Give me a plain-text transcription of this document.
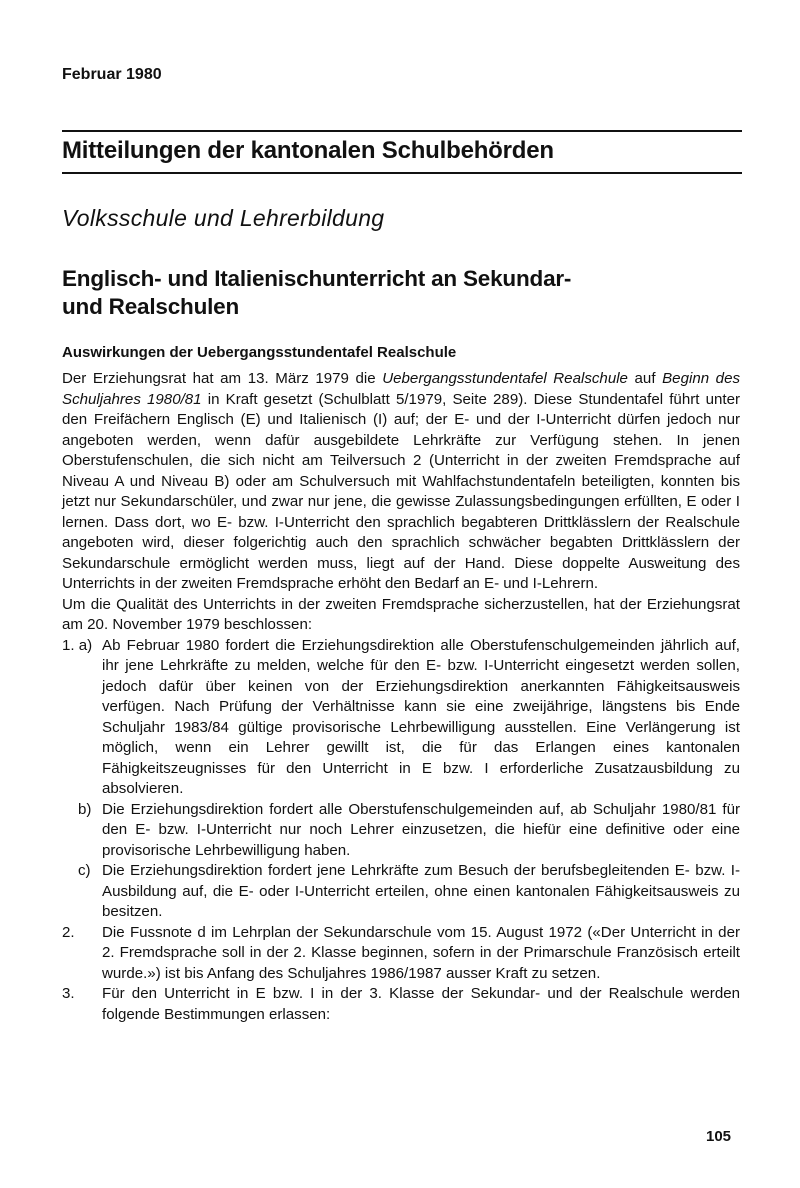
Februar 1980
Mitteilungen der kantonalen Schulbehörden
Volksschule und Lehrerbildung
Englisch- und Italienischunterricht an Sekundar-
und Realschulen
Auswirkungen der Uebergangsstundentafel Realschule

Der Erziehungsrat hat am 13. März 1979 die Uebergangsstundentafel Realschule auf Beginn des Schuljahres 1980/81 in Kraft gesetzt (Schulblatt 5/1979, Seite 289). Diese Stundentafel führt unter den Freifächern Englisch (E) und Italienisch (I) auf; der E- und der I-Unterricht dürfen jedoch nur angeboten werden, wenn dafür ausgebildete Lehrkräfte zur Verfügung stehen. In jenen Oberstufenschulen, die sich nicht am Teilversuch 2 (Unterricht in der zweiten Fremdsprache auf Niveau A und Niveau B) oder am Schulversuch mit Wahlfachstundentafeln beteiligten, konnten bis jetzt nur Sekundarschüler, und zwar nur jene, die gewisse Zulassungsbedingungen erfüllten, E oder I lernen. Dass dort, wo E- bzw. I-Unterricht den sprachlich begabteren Drittklässlern der Realschule angeboten wird, dieser folgerichtig auch den sprachlich schwächer begabten Drittklässlern der Sekundarschule ermöglicht werden muss, liegt auf der Hand. Diese doppelte Ausweitung des Unterrichts in der zweiten Fremdsprache erhöht den Bedarf an E- und I-Lehrern.

Um die Qualität des Unterrichts in der zweiten Fremdsprache sicherzustellen, hat der Erziehungsrat am 20. November 1979 beschlossen:

1. a) Ab Februar 1980 fordert die Erziehungsdirektion alle Oberstufenschulgemeinden jährlich auf, ihr jene Lehrkräfte zu melden, welche für den E- bzw. I-Unterricht eingesetzt werden sollen, jedoch dafür über keinen von der Erziehungsdirektion anerkannten Fähigkeitsausweis verfügen. Nach Prüfung der Verhältnisse kann sie eine zweijährige, längstens bis Ende Schuljahr 1983/84 gültige provisorische Lehrbewilligung ausstellen. Eine Verlängerung ist möglich, wenn ein Lehrer gewillt ist, die für das Erlangen eines kantonalen Fähigkeitszeugnisses für den Unterricht in E bzw. I erforderliche Zusatzausbildung zu absolvieren.
b) Die Erziehungsdirektion fordert alle Oberstufenschulgemeinden auf, ab Schuljahr 1980/81 für den E- bzw. I-Unterricht nur noch Lehrer einzusetzen, die hiefür eine definitive oder eine provisorische Lehrbewilligung haben.
c) Die Erziehungsdirektion fordert jene Lehrkräfte zum Besuch der berufsbegleitenden E- bzw. I-Ausbildung auf, die E- oder I-Unterricht erteilen, ohne einen kantonalen Fähigkeitsausweis zu besitzen.
2. Die Fussnote d im Lehrplan der Sekundarschule vom 15. August 1972 («Der Unterricht in der 2. Fremdsprache soll in der 2. Klasse beginnen, sofern in der Primarschule Französisch erteilt wurde.») ist bis Anfang des Schuljahres 1986/1987 ausser Kraft zu setzen.
3. Für den Unterricht in E bzw. I in der 3. Klasse der Sekundar- und der Realschule werden folgende Bestimmungen erlassen:
105
